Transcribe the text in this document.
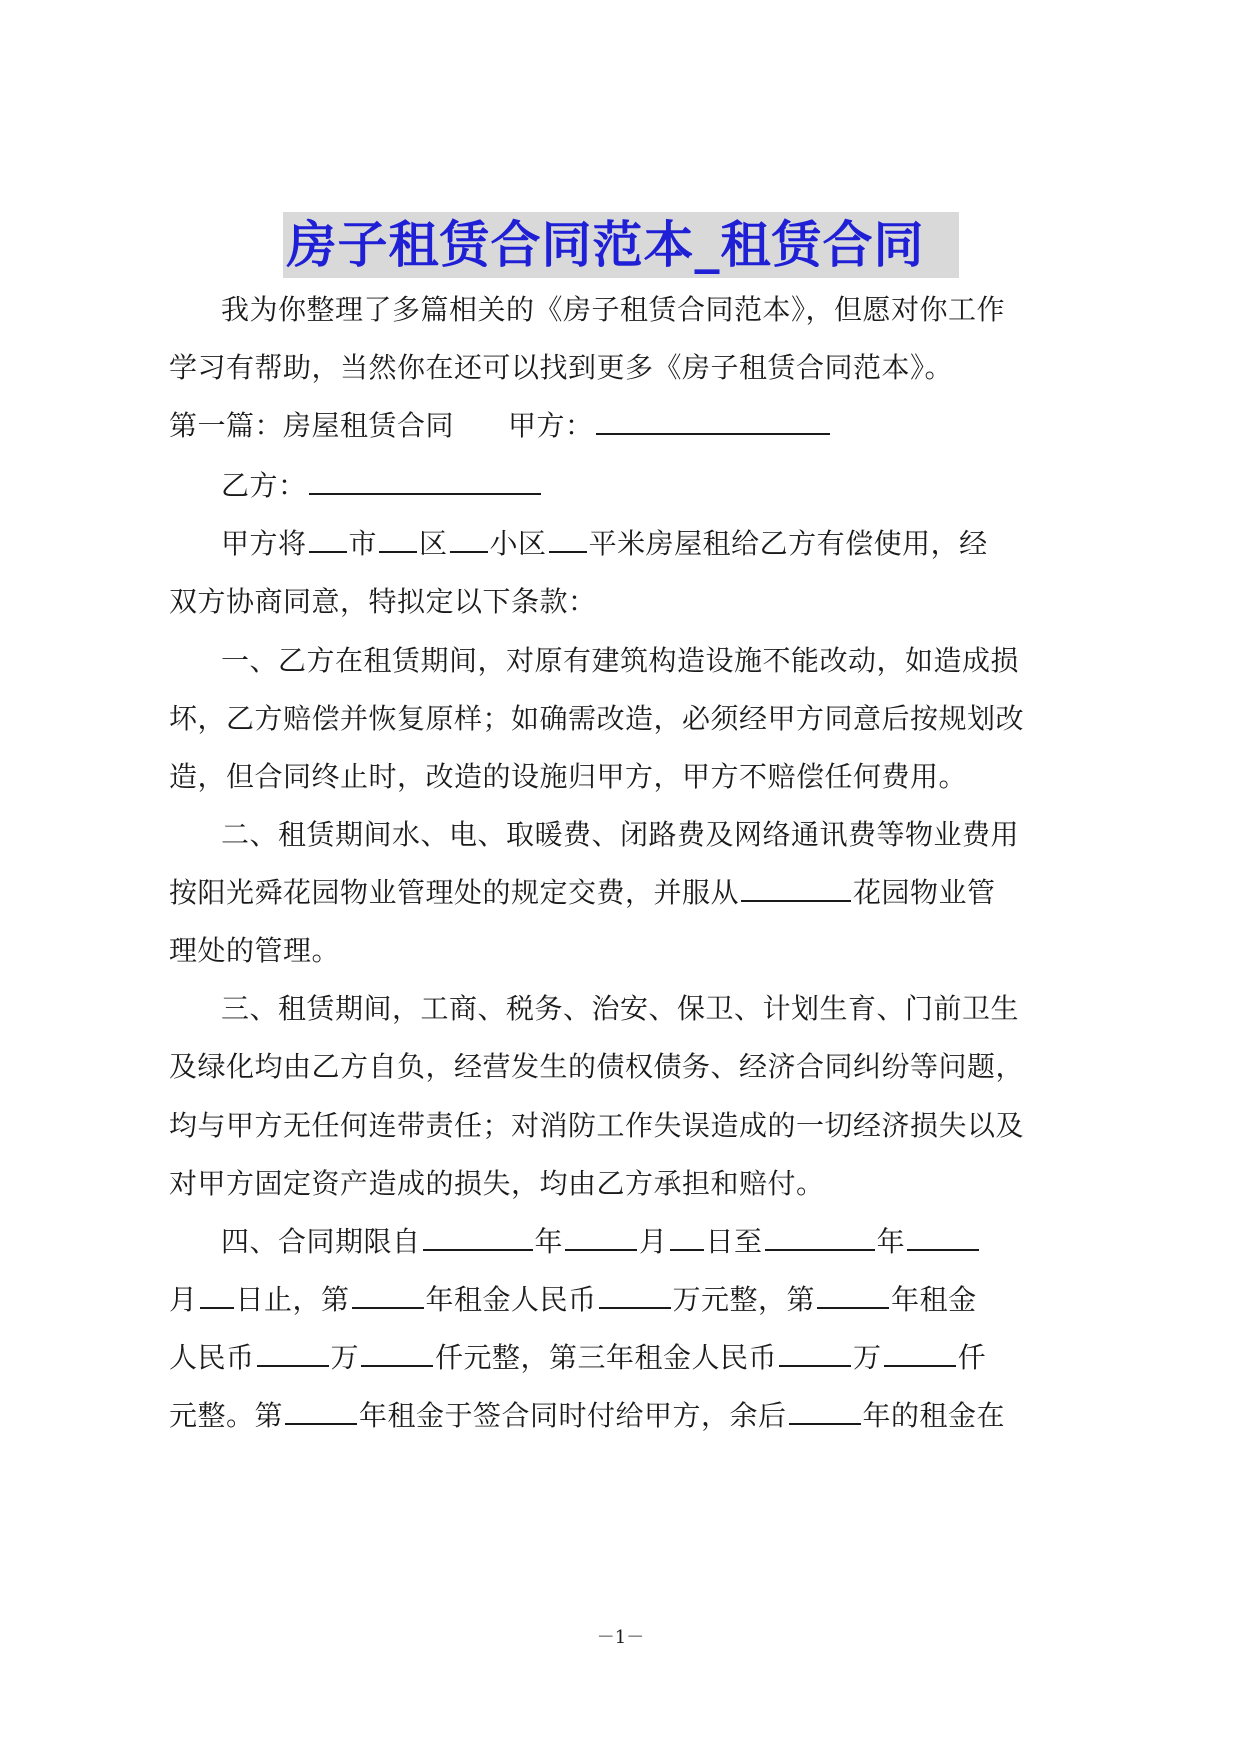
房子租赁合同范本_租赁合同
我为你整理了多篇相关的《房子租赁合同范本》，但愿对你工作
学习有帮助，当然你在还可以找到更多《房子租赁合同范本》。
第一篇：房屋租赁合同 甲方：
乙方：
甲方将 市 区 小区 平米房屋租给乙方有偿使用，经
双方协商同意，特拟定以下条款：
一、乙方在租赁期间，对原有建筑构造设施不能改动，如造成损
坏，乙方赔偿并恢复原样；如确需改造，必须经甲方同意后按规划改
造，但合同终止时，改造的设施归甲方，甲方不赔偿任何费用。
二、租赁期间水、电、取暖费、闭路费及网络通讯费等物业费用
按阳光舜花园物业管理处的规定交费，并服从	花园物业管
理处的管理。
三、租赁期间，工商、税务、治安、保卫、计划生育、门前卫生
及绿化均由乙方自负，经营发生的债权债务、经济合同纠纷等问题，
均与甲方无任何连带责任；对消防工作失误造成的一切经济损失以及
对甲方固定资产造成的损失，均由乙方承担和赔付。
四、合同期限自	年	月 日至	年
月 日止，第	年租金人民币	万元整，第	年租金
人民币	万	仟元整，第三年租金人民币	万	仟
元整。第	年租金于签合同时付给甲方，余后	年的租金在
－1－
